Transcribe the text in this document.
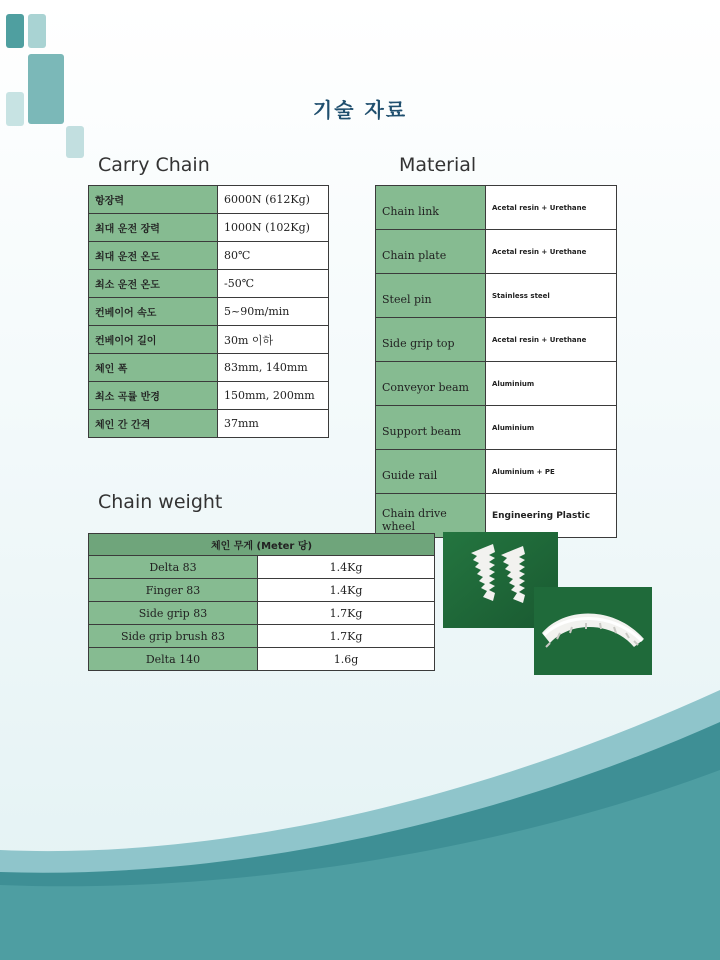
기술 자료
Carry Chain
항장력	6000N (612Kg)
최대 운전 장력	1000N (102Kg)
최대 운전 온도	80℃
최소 운전 온도	-50℃
컨베이어 속도	5~90m/min
컨베이어 길이	30m 이하
체인 폭	83mm, 140mm
최소 곡률 반경	150mm, 200mm
체인 간 간격	37mm
Material
Chain link	Acetal resin + Urethane
Chain plate	Acetal resin + Urethane
Steel pin	Stainless steel
Side grip top	Acetal resin + Urethane
Conveyor beam	Aluminium
Support beam	Aluminium
Guide rail	Aluminium + PE
Chain drive wheel	Engineering Plastic
Chain weight
체인 무게 (Meter 당)	
Delta 83	1.4Kg
Finger 83	1.4Kg
Side grip 83	1.7Kg
Side grip brush 83	1.7Kg
Delta 140	1.6g
